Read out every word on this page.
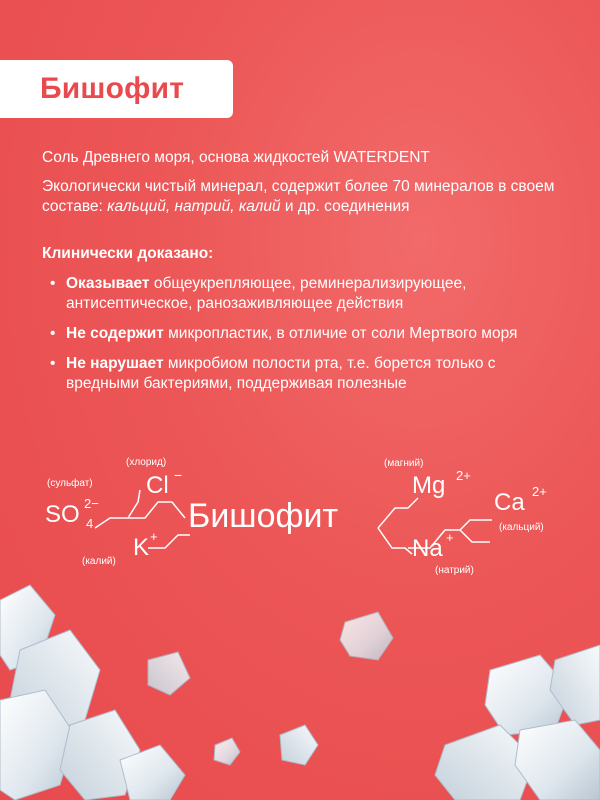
Бишофит
Соль Древнего моря, основа жидкостей WATERDENT
Экологически чистый минерал, содержит более 70 минералов в своем составе: кальций, натрий, калий и др. соединения
Клинически доказано:
• Оказывает общеукрепляющее, реминерализирующее, антисептическое, ранозаживляющее действия
• Не содержит микропластик, в отличие от соли Мертвого моря
• Не нарушает микробиом полости рта, т.е. борется только с вредными бактериями, поддерживая полезные
(сульфат)
SO 2−
4
(хлорид)
Cl −
K +
(калий)
Бишофит
(магний)
Mg 2+
Ca 2+
(кальций)
Na +
(натрий)
